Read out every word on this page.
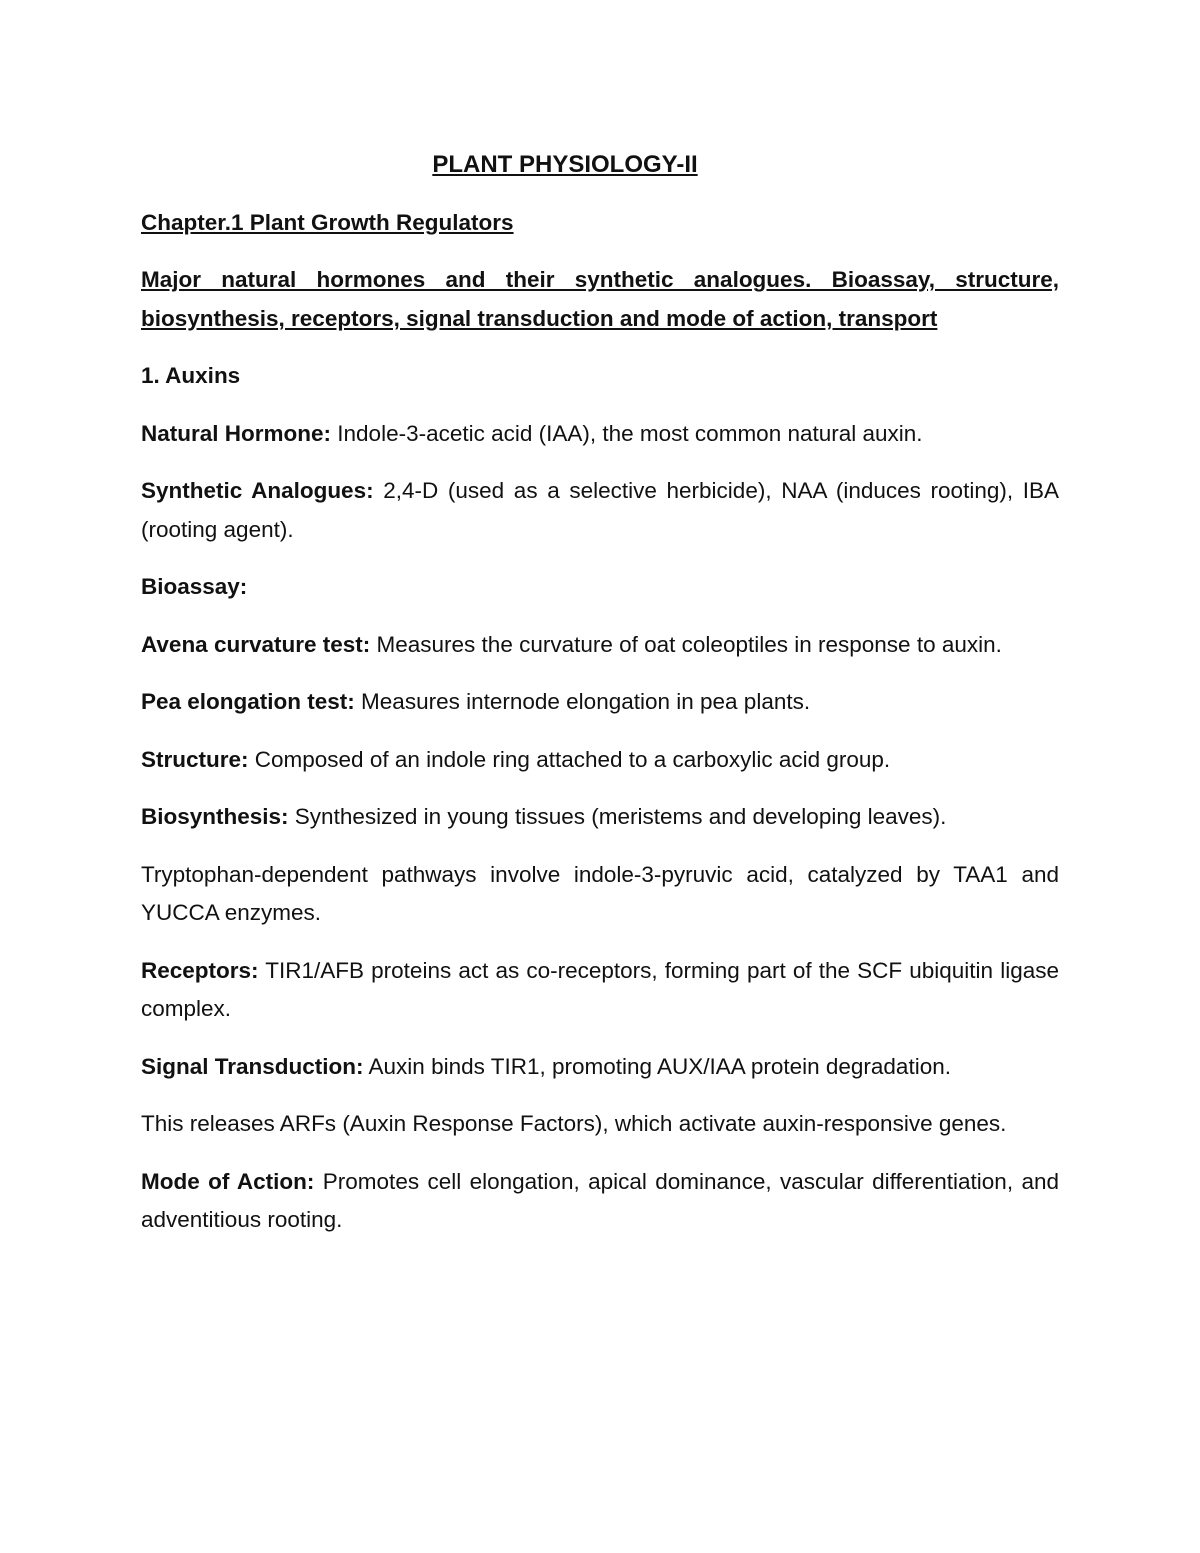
PLANT PHYSIOLOGY-II
Chapter.1 Plant Growth Regulators
Major natural hormones and their synthetic analogues. Bioassay, structure, biosynthesis, receptors, signal transduction and mode of action, transport
1. Auxins
Natural Hormone: Indole-3-acetic acid (IAA), the most common natural auxin.
Synthetic Analogues: 2,4-D (used as a selective herbicide), NAA (induces rooting), IBA (rooting agent).
Bioassay:
Avena curvature test: Measures the curvature of oat coleoptiles in response to auxin.
Pea elongation test: Measures internode elongation in pea plants.
Structure: Composed of an indole ring attached to a carboxylic acid group.
Biosynthesis: Synthesized in young tissues (meristems and developing leaves).
Tryptophan-dependent pathways involve indole-3-pyruvic acid, catalyzed by TAA1 and YUCCA enzymes.
Receptors: TIR1/AFB proteins act as co-receptors, forming part of the SCF ubiquitin ligase complex.
Signal Transduction: Auxin binds TIR1, promoting AUX/IAA protein degradation.
This releases ARFs (Auxin Response Factors), which activate auxin-responsive genes.
Mode of Action: Promotes cell elongation, apical dominance, vascular differentiation, and adventitious rooting.
